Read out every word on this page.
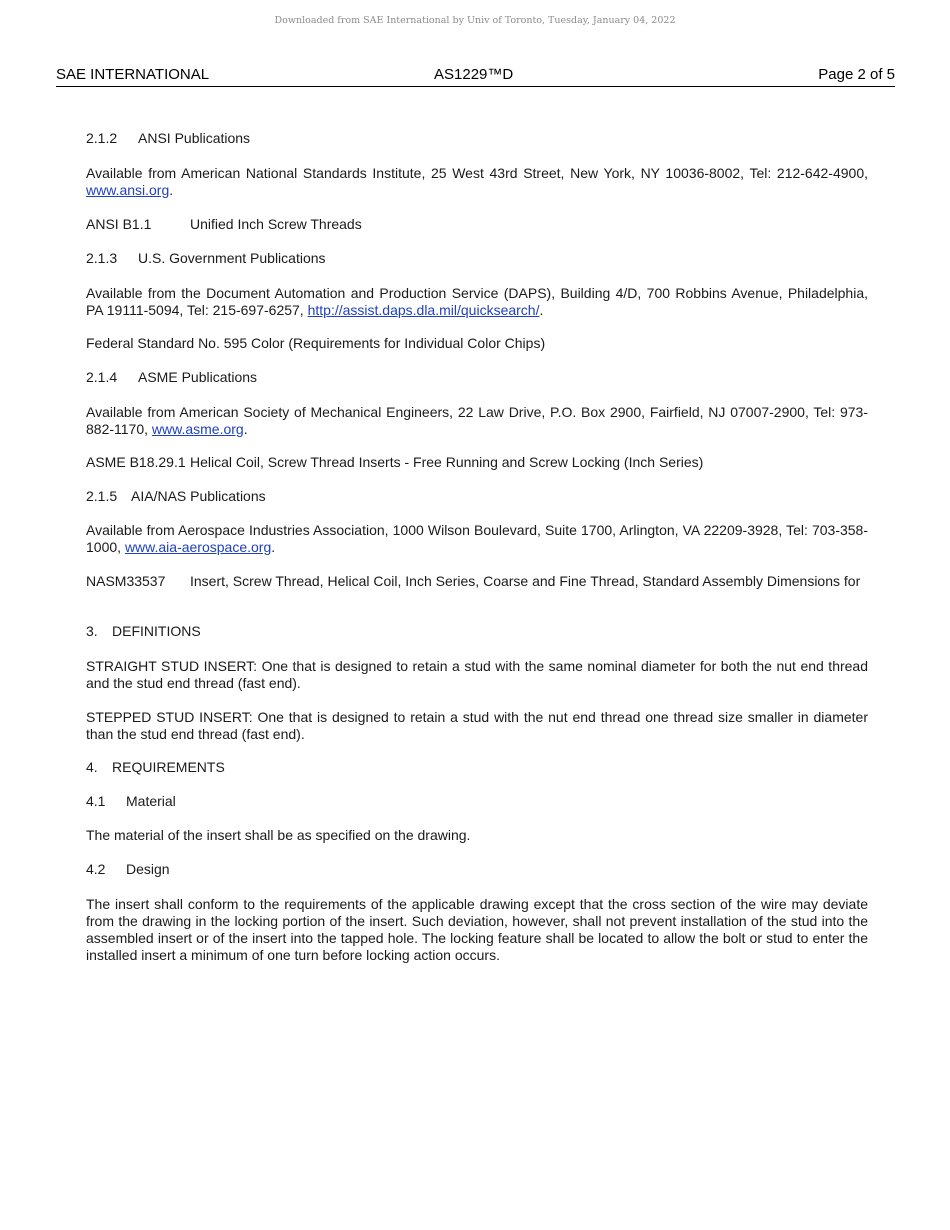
Downloaded from SAE International by Univ of Toronto, Tuesday, January 04, 2022
SAE INTERNATIONAL	AS1229™D	Page 2 of 5
2.1.2 ANSI Publications

Available from American National Standards Institute, 25 West 43rd Street, New York, NY 10036-8002, Tel: 212-642-4900, www.ansi.org.

ANSI B1.1	Unified Inch Screw Threads
2.1.3 U.S. Government Publications

Available from the Document Automation and Production Service (DAPS), Building 4/D, 700 Robbins Avenue, Philadelphia, PA 19111-5094, Tel: 215-697-6257, http://assist.daps.dla.mil/quicksearch/.

Federal Standard No. 595 Color (Requirements for Individual Color Chips)
2.1.4 ASME Publications

Available from American Society of Mechanical Engineers, 22 Law Drive, P.O. Box 2900, Fairfield, NJ 07007-2900, Tel: 973-882-1170, www.asme.org.

ASME B18.29.1 Helical Coil, Screw Thread Inserts - Free Running and Screw Locking (Inch Series)
2.1.5 AIA/NAS Publications

Available from Aerospace Industries Association, 1000 Wilson Boulevard, Suite 1700, Arlington, VA 22209-3928, Tel: 703-358-1000, www.aia-aerospace.org.

NASM33537 Insert, Screw Thread, Helical Coil, Inch Series, Coarse and Fine Thread, Standard Assembly Dimensions for
3. DEFINITIONS

STRAIGHT STUD INSERT: One that is designed to retain a stud with the same nominal diameter for both the nut end thread and the stud end thread (fast end).

STEPPED STUD INSERT: One that is designed to retain a stud with the nut end thread one thread size smaller in diameter than the stud end thread (fast end).

4. REQUIREMENTS
4.1 Material

The material of the insert shall be as specified on the drawing.

4.2 Design

The insert shall conform to the requirements of the applicable drawing except that the cross section of the wire may deviate from the drawing in the locking portion of the insert. Such deviation, however, shall not prevent installation of the stud into the assembled insert or of the insert into the tapped hole. The locking feature shall be located to allow the bolt or stud to enter the installed insert a minimum of one turn before locking action occurs.
